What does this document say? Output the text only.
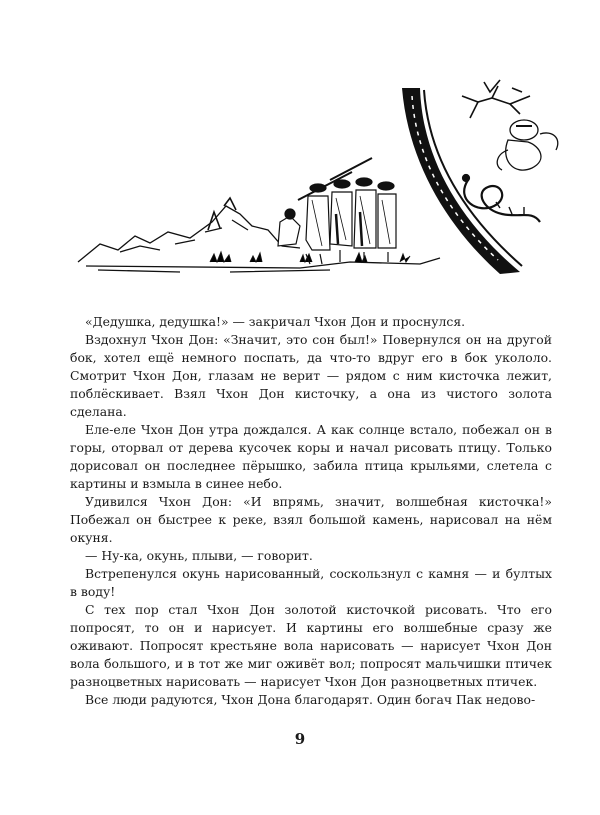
«Дедушка, дедушка!» — закричал Чхон Дон и проснулся.

Вздохнул Чхон Дон: «Значит, это сон был!» Повернулся он на другой бок, хотел ещё немного поспать, да что-то вдруг его в бок укололо. Смотрит Чхон Дон, глазам не верит — рядом с ним кисточка лежит, поблёскивает. Взял Чхон Дон кисточку, а она из чистого золота сделана.

Еле-еле Чхон Дон утра дождался. А как солнце встало, побежал он в горы, оторвал от дерева кусочек коры и начал рисовать птицу. Только дорисовал он последнее пёрышко, забила птица крыльями, слетела с картины и взмыла в синее небо.

Удивился Чхон Дон: «И впрямь, значит, волшебная кисточка!» Побежал он быстрее к реке, взял большой камень, нарисовал на нём окуня.

— Ну-ка, окунь, плыви, — говорит.

Встрепенулся окунь нарисованный, соскользнул с камня — и бултых в воду!

С тех пор стал Чхон Дон золотой кисточкой рисовать. Что его попросят, то он и нарисует. И картины его волшебные сразу же оживают. Попросят крестьяне вола нарисовать — нарисует Чхон Дон вола большого, и в тот же миг оживёт вол; попросят мальчишки птичек разноцветных нарисовать — нарисует Чхон Дон разноцветных птичек.

Все люди радуются, Чхон Дона благодарят. Один богач Пак недово-

9
